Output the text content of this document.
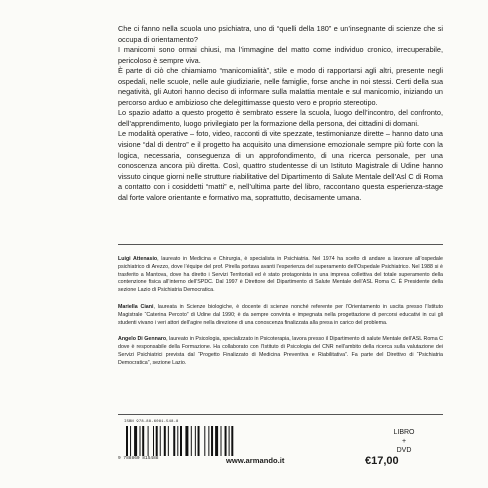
Che ci fanno nella scuola uno psichiatra, uno di “quelli della 180” e un’insegnante di scienze che si occupa di orientamento?

I manicomi sono ormai chiusi, ma l’immagine del matto come individuo cronico, irrecuperabile, pericoloso è sempre viva.

È parte di ciò che chiamiamo “manicomialità”, stile e modo di rapportarsi agli altri, presente negli ospedali, nelle scuole, nelle aule giudiziarie, nelle famiglie, forse anche in noi stessi. Certi della sua negatività, gli Autori hanno deciso di informare sulla malattia mentale e sul manicomio, iniziando un percorso arduo e ambizioso che delegittimasse questo vero e proprio stereotipo.

Lo spazio adatto a questo progetto è sembrato essere la scuola, luogo dell’incontro, del confronto, dell’apprendimento, luogo privilegiato per la formazione della persona, dei cittadini di domani.

Le modalità operative – foto, video, racconti di vite spezzate, testimonianze dirette – hanno dato una visione “dal di dentro” e il progetto ha acquisito una dimensione emozionale sempre più forte con la logica, necessaria, conseguenza di un approfondimento, di una ricerca personale, per una conoscenza ancora più diretta. Così, quattro studentesse di un Istituto Magistrale di Udine hanno vissuto cinque giorni nelle strutture riabilitative del Dipartimento di Salute Mentale dell’Asl C di Roma a contatto con i cosiddetti “matti” e, nell’ultima parte del libro, raccontano questa esperienza-stage dal forte valore orientante e formativo ma, soprattutto, decisamente umana.

Luigi Attenasio, laureato in Medicina e Chirurgia, è specialista in Psichiatria. Nel 1974 ha scelto di andare a lavorare all’ospedale psichiatrico di Arezzo, dove l’équipe del prof. Pirella portava avanti l’esperienza del superamento dell’Ospedale Psichiatrico. Nel 1988 si è trasferito a Mantova, dove ha diretto i Servizi Territoriali ed è stato protagonista in una impresa collettiva del totale superamento della contenzione fisica all’interno dell’SPDC. Dal 1997 è Direttore del Dipartimento di Salute Mentale dell’ASL Roma C. È Presidente della sezione Lazio di Psichiatria Democratica.

Mariella Ciani, laureata in Scienze biologiche, è docente di scienze nonché referente per l’Orientamento in uscita presso l’Istituto Magistrale “Caterina Percoto” di Udine dal 1990; è da sempre convinta e impegnata nella progettazione di percorsi educativi in cui gli studenti vivano i veri attori dell’agire nella direzione di una conoscenza finalizzata alla presa in carico del problema.

Angelo Di Gennaro, laureato in Psicologia, specializzato in Psicoterapia, lavora presso il Dipartimento di salute Mentale dell’ASL Roma C dove è responsabile della Formazione. Ha collaborato con l’Istituto di Psicologia del CNR nell’ambito della ricerca sulla valutazione dei Servizi Psichiatrici prevista dal “Progetto Finalizzato di Medicina Preventiva e Riabilitativa”. Fa parte del Direttivo di “Psichiatria Democratica”, sezione Lazio.

ISBN 978-88-6081-548-8
9 788860 815488	www.armando.it
LIBRO
+
DVD
€17,00
